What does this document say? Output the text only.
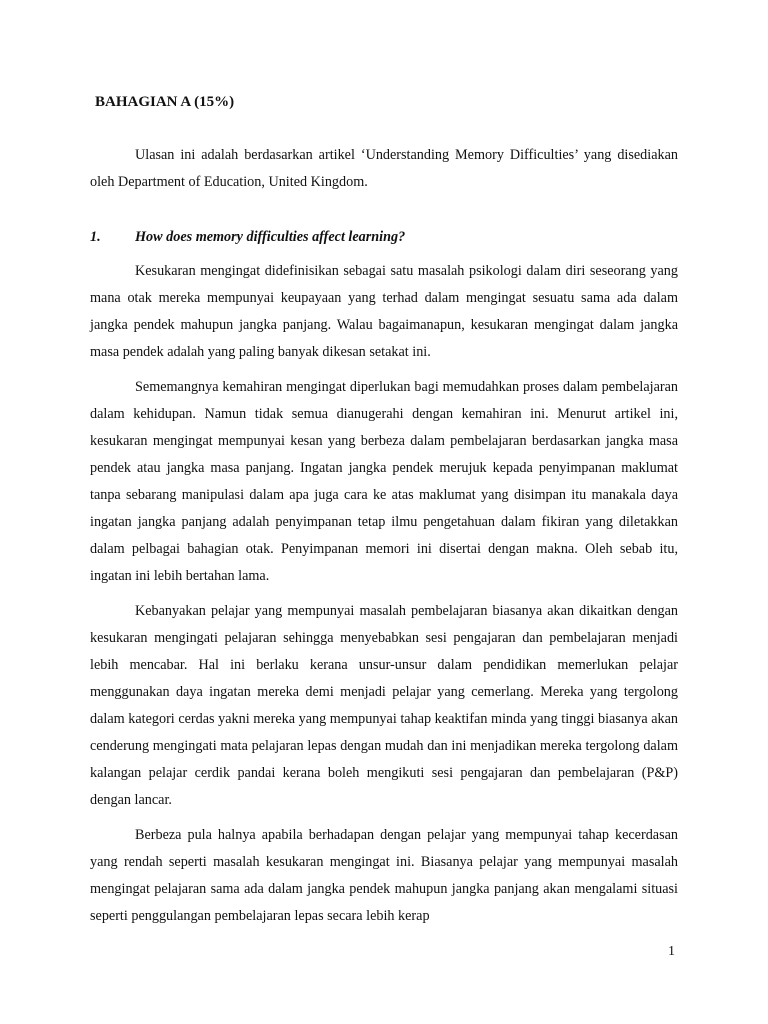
BAHAGIAN A (15%)

Ulasan ini adalah berdasarkan artikel ‘Understanding Memory Difficulties’ yang disediakan oleh Department of Education, United Kingdom.

1. How does memory difficulties affect learning?

Kesukaran mengingat didefinisikan sebagai satu masalah psikologi dalam diri seseorang yang mana otak mereka mempunyai keupayaan yang terhad dalam mengingat sesuatu sama ada dalam jangka pendek mahupun jangka panjang. Walau bagaimanapun, kesukaran mengingat dalam jangka masa pendek adalah yang paling banyak dikesan setakat ini.

Sememangnya kemahiran mengingat diperlukan bagi memudahkan proses dalam pembelajaran dalam kehidupan. Namun tidak semua dianugerahi dengan kemahiran ini. Menurut artikel ini, kesukaran mengingat mempunyai kesan yang berbeza dalam pembelajaran berdasarkan jangka masa pendek atau jangka masa panjang. Ingatan jangka pendek merujuk kepada penyimpanan maklumat tanpa sebarang manipulasi dalam apa juga cara ke atas maklumat yang disimpan itu manakala daya ingatan jangka panjang adalah penyimpanan tetap ilmu pengetahuan dalam fikiran yang diletakkan dalam pelbagai bahagian otak. Penyimpanan memori ini disertai dengan makna. Oleh sebab itu, ingatan ini lebih bertahan lama.

Kebanyakan pelajar yang mempunyai masalah pembelajaran biasanya akan dikaitkan dengan kesukaran mengingati pelajaran sehingga menyebabkan sesi pengajaran dan pembelajaran menjadi lebih mencabar. Hal ini berlaku kerana unsur-unsur dalam pendidikan memerlukan pelajar menggunakan daya ingatan mereka demi menjadi pelajar yang cemerlang. Mereka yang tergolong dalam kategori cerdas yakni mereka yang mempunyai tahap keaktifan minda yang tinggi biasanya akan cenderung mengingati mata pelajaran lepas dengan mudah dan ini menjadikan mereka tergolong dalam kalangan pelajar cerdik pandai kerana boleh mengikuti sesi pengajaran dan pembelajaran (P&P) dengan lancar.

Berbeza pula halnya apabila berhadapan dengan pelajar yang mempunyai tahap kecerdasan yang rendah seperti masalah kesukaran mengingat ini. Biasanya pelajar yang mempunyai masalah mengingat pelajaran sama ada dalam jangka pendek mahupun jangka panjang akan mengalami situasi seperti penggulangan pembelajaran lepas secara lebih kerap

1
